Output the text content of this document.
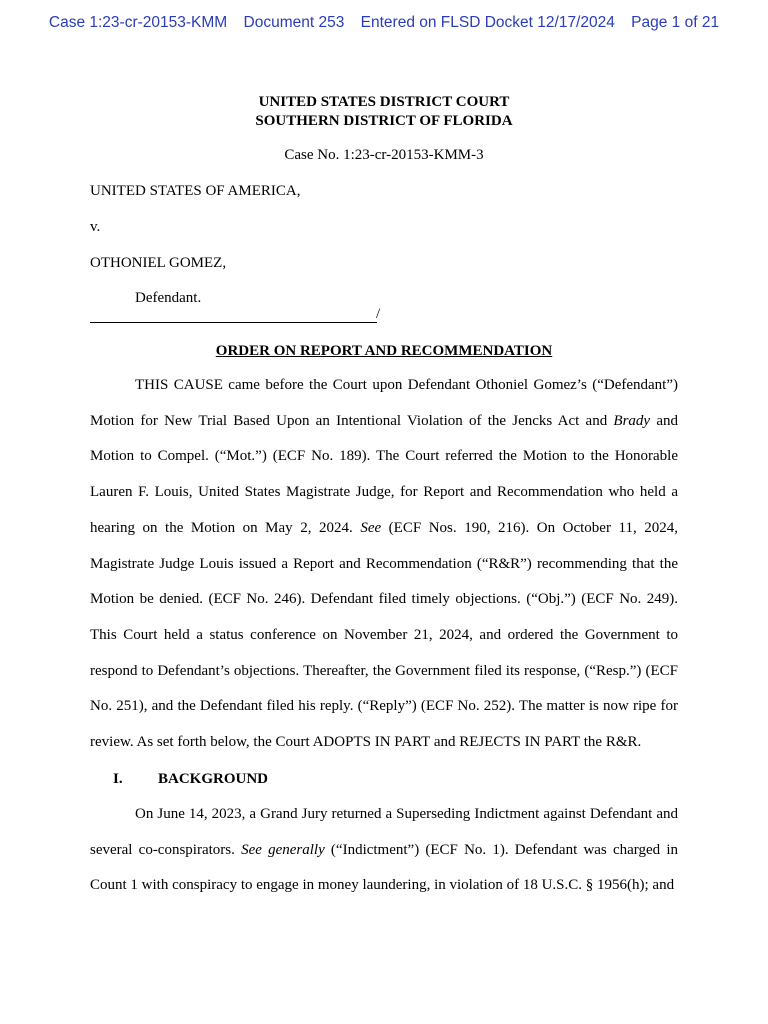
Case 1:23-cr-20153-KMM Document 253 Entered on FLSD Docket 12/17/2024 Page 1 of 21
UNITED STATES DISTRICT COURT
SOUTHERN DISTRICT OF FLORIDA
Case No. 1:23-cr-20153-KMM-3
UNITED STATES OF AMERICA,
v.
OTHONIEL GOMEZ,
Defendant.
/
ORDER ON REPORT AND RECOMMENDATION

THIS CAUSE came before the Court upon Defendant Othoniel Gomez’s (“Defendant”) Motion for New Trial Based Upon an Intentional Violation of the Jencks Act and Brady and Motion to Compel. (“Mot.”) (ECF No. 189). The Court referred the Motion to the Honorable Lauren F. Louis, United States Magistrate Judge, for Report and Recommendation who held a hearing on the Motion on May 2, 2024. See (ECF Nos. 190, 216). On October 11, 2024, Magistrate Judge Louis issued a Report and Recommendation (“R&R”) recommending that the Motion be denied. (ECF No. 246). Defendant filed timely objections. (“Obj.”) (ECF No. 249). This Court held a status conference on November 21, 2024, and ordered the Government to respond to Defendant’s objections. Thereafter, the Government filed its response, (“Resp.”) (ECF No. 251), and the Defendant filed his reply. (“Reply”) (ECF No. 252). The matter is now ripe for review. As set forth below, the Court ADOPTS IN PART and REJECTS IN PART the R&R.

I. BACKGROUND

On June 14, 2023, a Grand Jury returned a Superseding Indictment against Defendant and several co-conspirators. See generally (“Indictment”) (ECF No. 1). Defendant was charged in Count 1 with conspiracy to engage in money laundering, in violation of 18 U.S.C. § 1956(h); and
